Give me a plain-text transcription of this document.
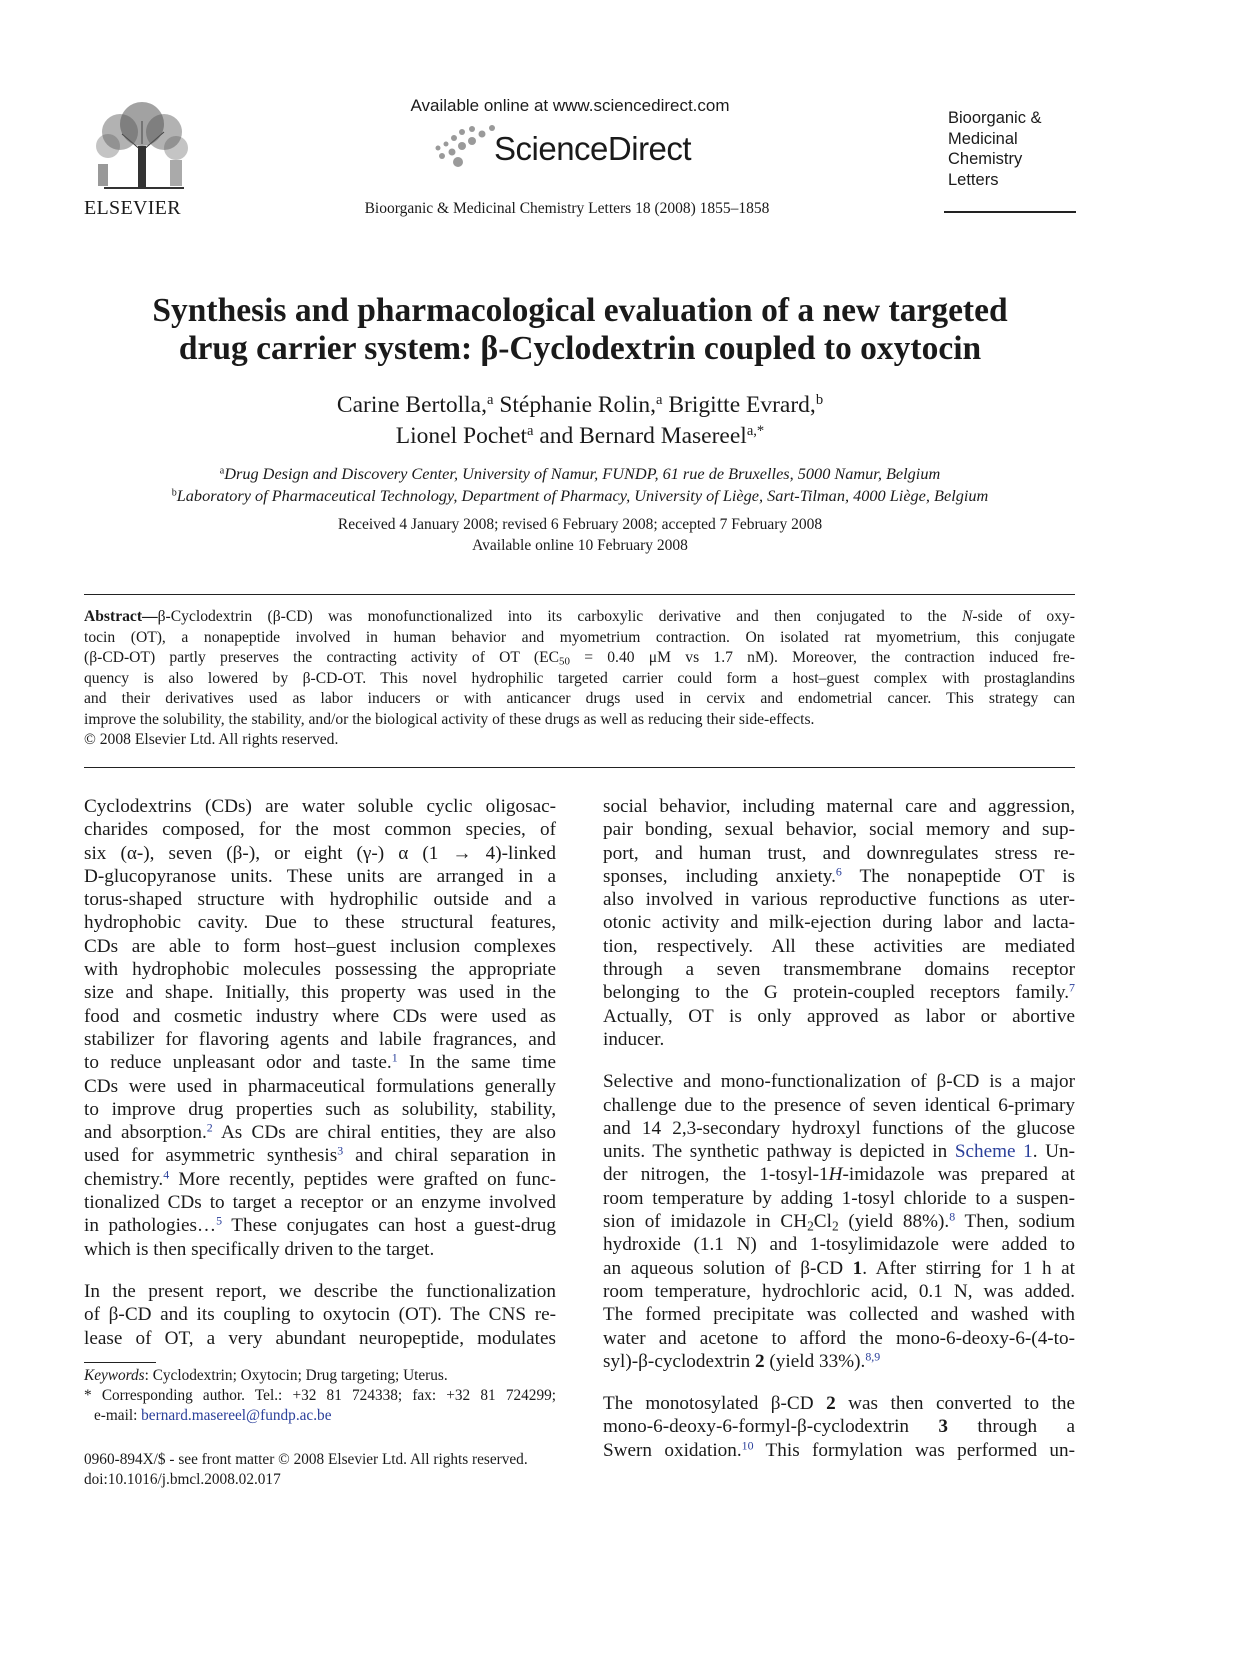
ELSEVIER
Available online at www.sciencedirect.com
ScienceDirect
Bioorganic & Medicinal Chemistry Letters 18 (2008) 1855–1858
Bioorganic &
Medicinal
Chemistry
Letters
Synthesis and pharmacological evaluation of a new targeted
drug carrier system: β-Cyclodextrin coupled to oxytocin
Carine Bertolla,$^a$ Stéphanie Rolin,$^a$ Brigitte Evrard,$^b$
Lionel Pochet$^a$ and Bernard Masereel$^{a,*}$
$^a$Drug Design and Discovery Center, University of Namur, FUNDP, 61 rue de Bruxelles, 5000 Namur, Belgium
$^b$Laboratory of Pharmaceutical Technology, Department of Pharmacy, University of Liège, Sart-Tilman, 4000 Liège, Belgium
Received 4 January 2008; revised 6 February 2008; accepted 7 February 2008
Available online 10 February 2008
Abstract—β-Cyclodextrin (β-CD) was monofunctionalized into its carboxylic derivative and then conjugated to the N-side of oxy-
tocin (OT), a nonapeptide involved in human behavior and myometrium contraction. On isolated rat myometrium, this conjugate
(β-CD-OT) partly preserves the contracting activity of OT ($EC_{50} = 0.40$ μM vs 1.7 nM). Moreover, the contraction induced fre-
quency is also lowered by β-CD-OT. This novel hydrophilic targeted carrier could form a host–guest complex with prostaglandins
and their derivatives used as labor inducers or with anticancer drugs used in cervix and endometrial cancer. This strategy can
improve the solubility, the stability, and/or the biological activity of these drugs as well as reducing their side-effects.
© 2008 Elsevier Ltd. All rights reserved.
Cyclodextrins (CDs) are water soluble cyclic oligosac-
charides composed, for the most common species, of
six (α-), seven (β-), or eight (γ-) α (1 → 4)-linked
D-glucopyranose units. These units are arranged in a
torus-shaped structure with hydrophilic outside and a
hydrophobic cavity. Due to these structural features,
CDs are able to form host–guest inclusion complexes
with hydrophobic molecules possessing the appropriate
size and shape. Initially, this property was used in the
food and cosmetic industry where CDs were used as
stabilizer for flavoring agents and labile fragrances, and
to reduce unpleasant odor and taste.$^1$ In the same time
CDs were used in pharmaceutical formulations generally
to improve drug properties such as solubility, stability,
and absorption.$^2$ As CDs are chiral entities, they are also
used for asymmetric synthesis$^3$ and chiral separation in
chemistry.$^4$ More recently, peptides were grafted on func-
tionalized CDs to target a receptor or an enzyme involved
in pathologies…$^5$ These conjugates can host a guest-drug
which is then specifically driven to the target.
In the present report, we describe the functionalization
of β-CD and its coupling to oxytocin (OT). The CNS re-
lease of OT, a very abundant neuropeptide, modulates
social behavior, including maternal care and aggression,
pair bonding, sexual behavior, social memory and sup-
port, and human trust, and downregulates stress re-
sponses, including anxiety.$^6$ The nonapeptide OT is
also involved in various reproductive functions as uter-
otonic activity and milk-ejection during labor and lacta-
tion, respectively. All these activities are mediated
through a seven transmembrane domains receptor
belonging to the G protein-coupled receptors family.$^7$
Actually, OT is only approved as labor or abortive
inducer.
Selective and mono-functionalization of β-CD is a major
challenge due to the presence of seven identical 6-primary
and 14 2,3-secondary hydroxyl functions of the glucose
units. The synthetic pathway is depicted in Scheme 1. Un-
der nitrogen, the 1-tosyl-1H-imidazole was prepared at
room temperature by adding 1-tosyl chloride to a suspen-
sion of imidazole in $CH_2Cl_2$ (yield 88%).$^8$ Then, sodium
hydroxide (1.1 N) and 1-tosylimidazole were added to
an aqueous solution of β-CD 1. After stirring for 1 h at
room temperature, hydrochloric acid, 0.1 N, was added.
The formed precipitate was collected and washed with
water and acetone to afford the mono-6-deoxy-6-(4-to-
syl)-β-cyclodextrin 2 (yield 33%).$^{8,9}$
The monotosylated β-CD 2 was then converted to the
mono-6-deoxy-6-formyl-β-cyclodextrin 3 through a
Swern oxidation.$^{10}$ This formylation was performed un-
Keywords: Cyclodextrin; Oxytocin; Drug targeting; Uterus.
* Corresponding author. Tel.: +32 81 724338; fax: +32 81 724299;
e-mail: bernard.masereel@fundp.ac.be
0960-894X/$ - see front matter © 2008 Elsevier Ltd. All rights reserved.
doi:10.1016/j.bmcl.2008.02.017
